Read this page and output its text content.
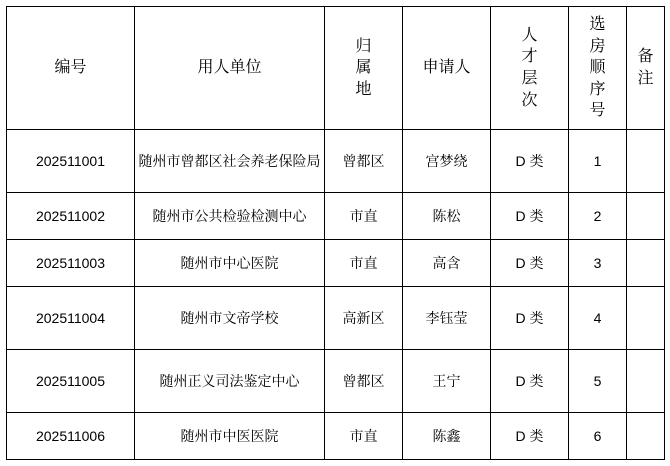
编号	用人单位	归属地	申请人	人才层次	选房顺序号	备注

202511001	随州市曾都区社会养老保险局	曾都区	宫梦绕	D 类	1	
202511002	随州市公共检验检测中心	市直	陈松	D 类	2	
202511003	随州市中心医院	市直	高含	D 类	3	
202511004	随州市文帝学校	高新区	李钰莹	D 类	4	
202511005	随州正义司法鉴定中心	曾都区	王宁	D 类	5	
202511006	随州市中医医院	市直	陈鑫	D 类	6	
